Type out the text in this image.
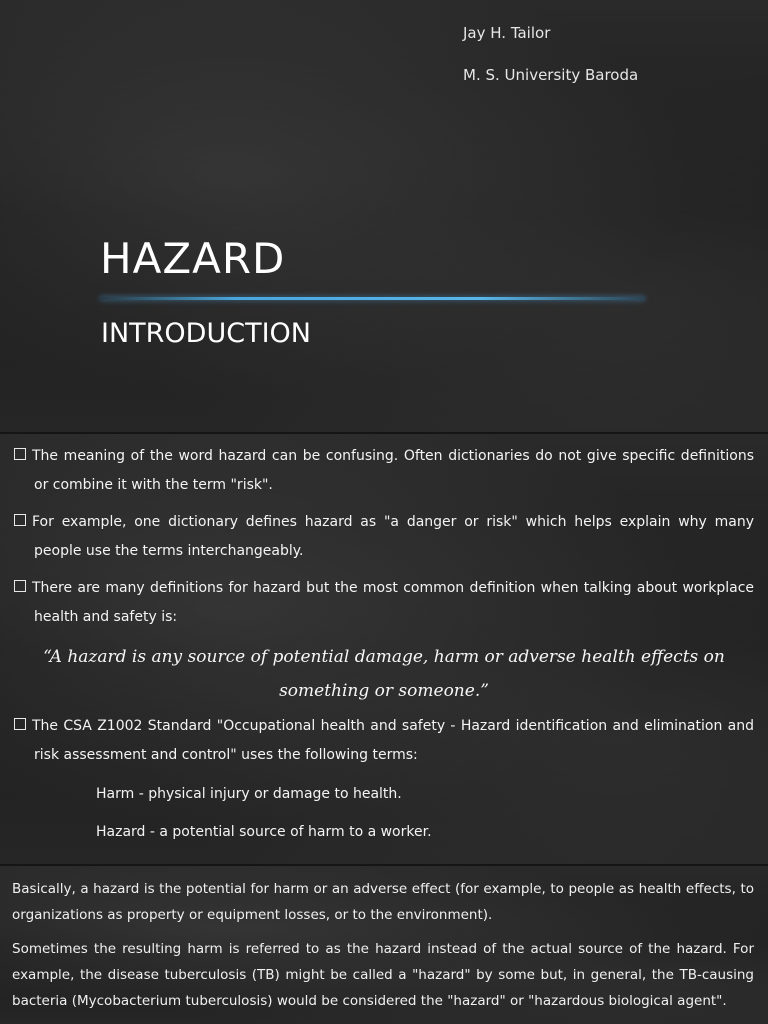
Jay H. Tailor
M. S. University Baroda
HAZARD
INTRODUCTION

The meaning of the word hazard can be confusing. Often dictionaries do not give specific definitions or combine it with the term "risk".

For example, one dictionary defines hazard as "a danger or risk" which helps explain why many people use the terms interchangeably.

There are many definitions for hazard but the most common definition when talking about workplace health and safety is:

“A hazard is any source of potential damage, harm or adverse health effects on something or someone.”

The CSA Z1002 Standard "Occupational health and safety - Hazard identification and elimination and risk assessment and control" uses the following terms:

Harm - physical injury or damage to health.

Hazard - a potential source of harm to a worker.

Basically, a hazard is the potential for harm or an adverse effect (for example, to people as health effects, to organizations as property or equipment losses, or to the environment).

Sometimes the resulting harm is referred to as the hazard instead of the actual source of the hazard. For example, the disease tuberculosis (TB) might be called a "hazard" by some but, in general, the TB-causing bacteria (Mycobacterium tuberculosis) would be considered the "hazard" or "hazardous biological agent".
